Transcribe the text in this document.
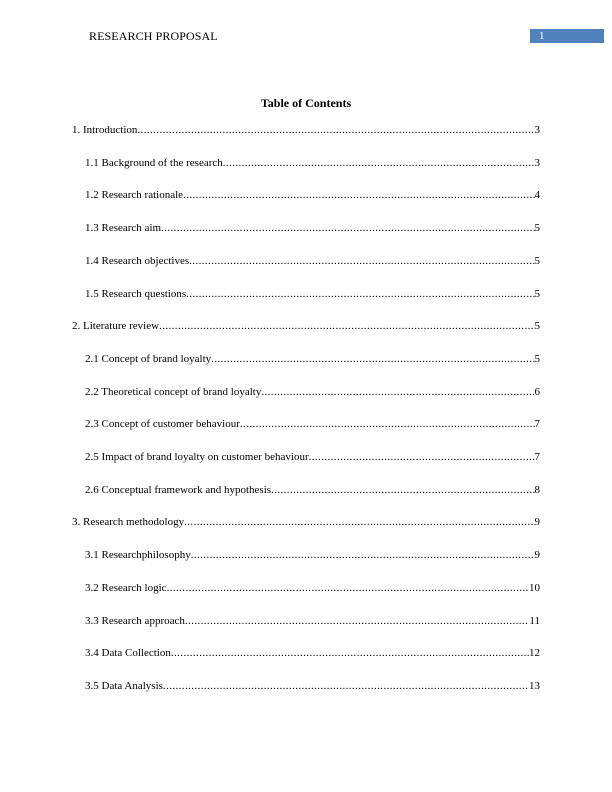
RESEARCH PROPOSAL	1
Table of Contents
1. Introduction .....	3
1.1 Background of the research .....	3
1.2 Research rationale .....	4
1.3 Research aim .....	5
1.4 Research objectives .....	5
1.5 Research questions .....	5
2. Literature review .....	5
2.1 Concept of brand loyalty .....	5
2.2 Theoretical concept of brand loyalty .....	6
2.3 Concept of customer behaviour .....	7
2.5 Impact of brand loyalty on customer behaviour .....	7
2.6 Conceptual framework and hypothesis .....	8
3. Research methodology .....	9
3.1 Researchphilosophy .....	9
3.2 Research logic .....	10
3.3 Research approach .....	11
3.4 Data Collection .....	12
3.5 Data Analysis .....	13
